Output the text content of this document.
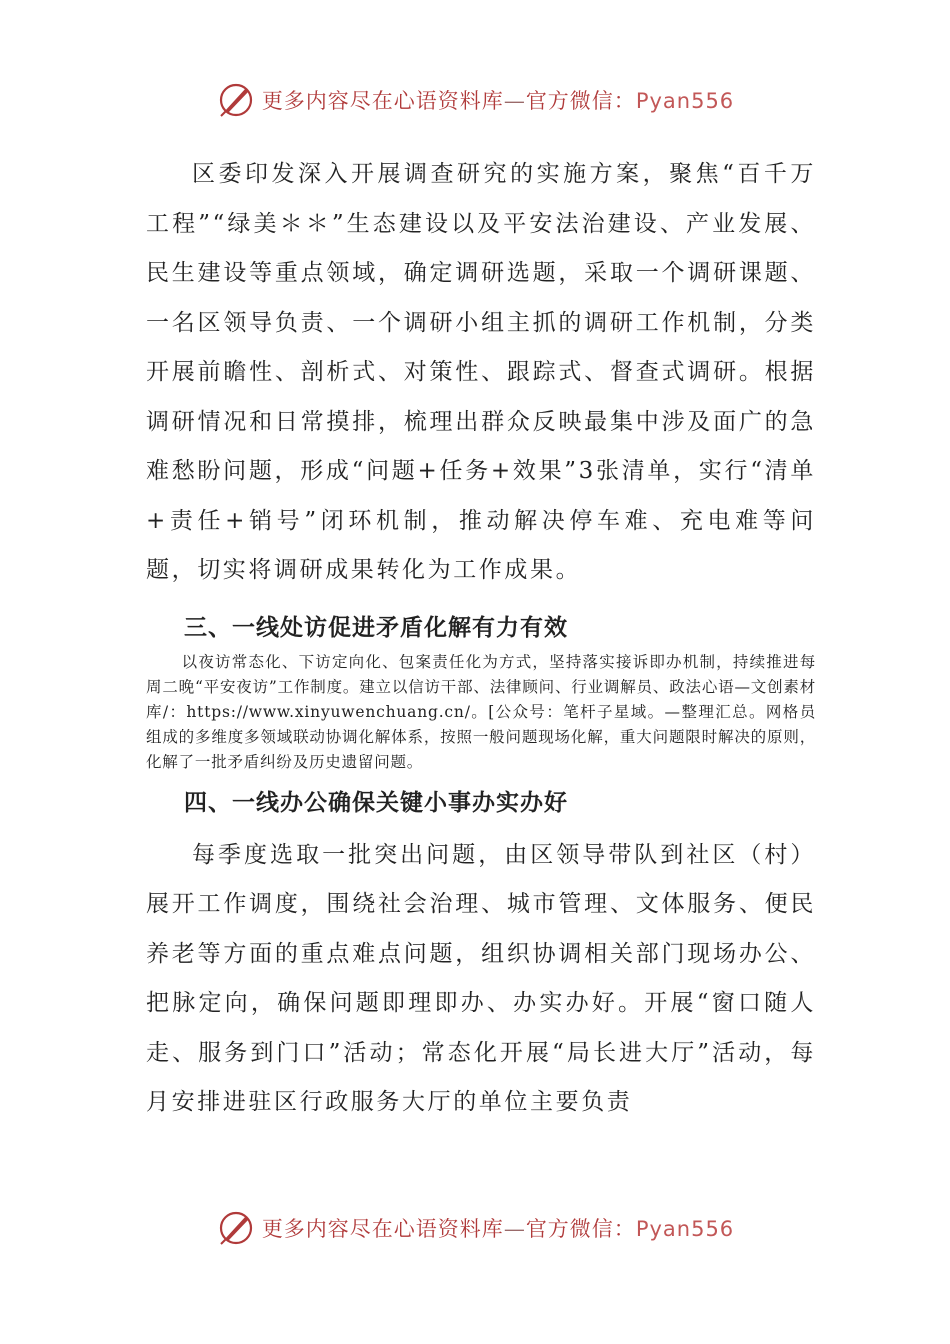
更多内容尽在心语资料库—官方微信：Pyan556

区委印发深入开展调查研究的实施方案，聚焦“百千万工程”“绿美＊＊”生态建设以及平安法治建设、产业发展、民生建设等重点领域，确定调研选题，采取一个调研课题、一名区领导负责、一个调研小组主抓的调研工作机制，分类开展前瞻性、剖析式、对策性、跟踪式、督查式调研。根据调研情况和日常摸排，梳理出群众反映最集中涉及面广的急难愁盼问题，形成“问题+任务+效果”3张清单，实行“清单+责任+销号”闭环机制，推动解决停车难、充电难等问题，切实将调研成果转化为工作成果。

三、一线处访促进矛盾化解有力有效

以夜访常态化、下访定向化、包案责任化为方式，坚持落实接诉即办机制，持续推进每周二晚“平安夜访”工作制度。建立以信访干部、法律顾问、行业调解员、政法心语—文创素材库/：https://www.xinyuwenchuang.cn/。[公众号：笔杆子星域。—整理汇总。网格员组成的多维度多领域联动协调化解体系，按照一般问题现场化解，重大问题限时解决的原则，化解了一批矛盾纠纷及历史遗留问题。

四、一线办公确保关键小事办实办好

每季度选取一批突出问题，由区领导带队到社区（村）展开工作调度，围绕社会治理、城市管理、文体服务、便民养老等方面的重点难点问题，组织协调相关部门现场办公、把脉定向，确保问题即理即办、办实办好。开展“窗口随人走、服务到门口”活动；常态化开展“局长进大厅”活动，每月安排进驻区行政服务大厅的单位主要负责

更多内容尽在心语资料库—官方微信：Pyan556
